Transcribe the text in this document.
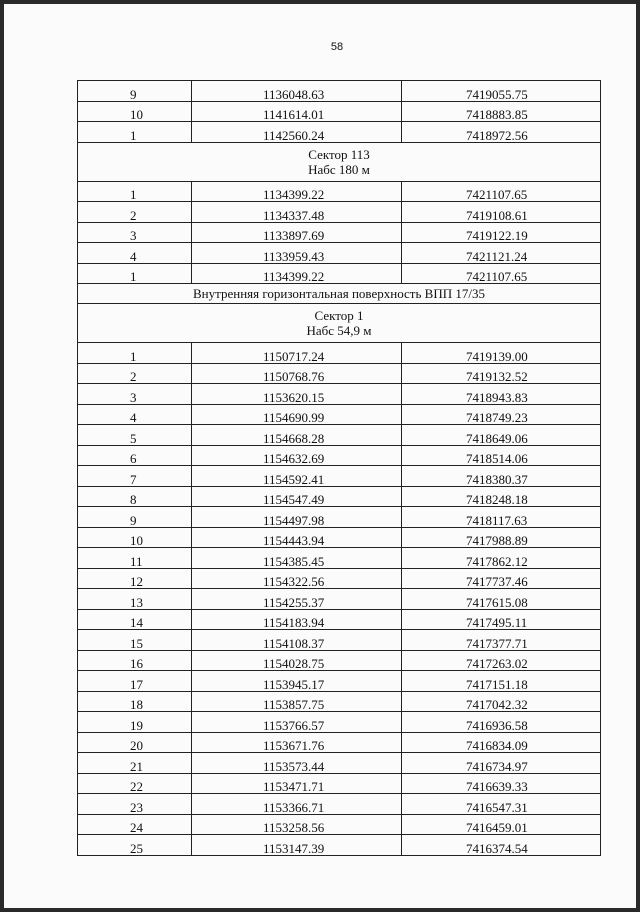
58
9	1136048.63	7419055.75
10	1141614.01	7418883.85
1	1142560.24	7418972.56

Сектор 113
Набс 180 м		

1	1134399.22	7421107.65
2	1134337.48	7419108.61
3	1133897.69	7419122.19
4	1133959.43	7421121.24
1	1134399.22	7421107.65
Внутренняя горизонтальная поверхность ВПП 17/35		

Сектор 1
Набс 54,9 м		

1	1150717.24	7419139.00
2	1150768.76	7419132.52
3	1153620.15	7418943.83
4	1154690.99	7418749.23
5	1154668.28	7418649.06
6	1154632.69	7418514.06
7	1154592.41	7418380.37
8	1154547.49	7418248.18
9	1154497.98	7418117.63
10	1154443.94	7417988.89
11	1154385.45	7417862.12
12	1154322.56	7417737.46
13	1154255.37	7417615.08
14	1154183.94	7417495.11
15	1154108.37	7417377.71
16	1154028.75	7417263.02
17	1153945.17	7417151.18
18	1153857.75	7417042.32
19	1153766.57	7416936.58
20	1153671.76	7416834.09
21	1153573.44	7416734.97
22	1153471.71	7416639.33
23	1153366.71	7416547.31
24	1153258.56	7416459.01
25	1153147.39	7416374.54
